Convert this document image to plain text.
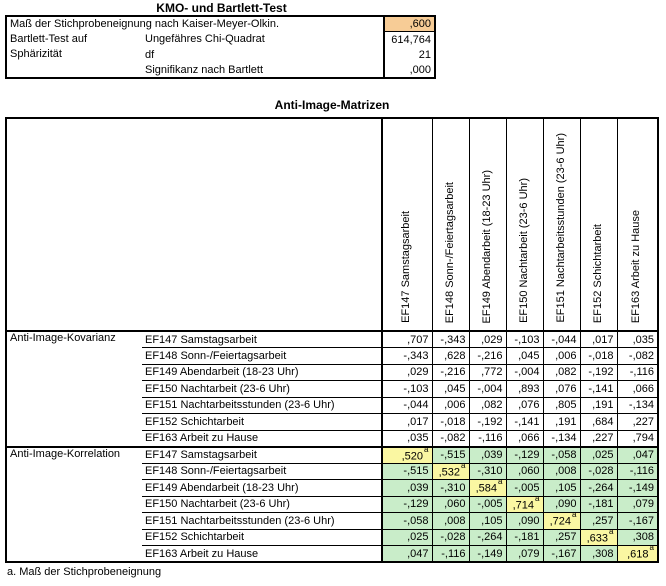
KMO- und Bartlett-Test
Maß der Stichprobeneignung nach Kaiser-Meyer-Olkin.		,600
Bartlett-Test auf Sphärizität	Ungefähres Chi-Quadrat	614,764
	df	21
	Signifikanz nach Bartlett	,000
Anti-Image-Matrizen
		EF147 Samstagsarbeit	EF148 Sonn-/Feiertagsarbeit	EF149 Abendarbeit (18-23 Uhr)	EF150 Nachtarbeit (23-6 Uhr)	EF151 Nachtarbeitsstunden (23-6 Uhr)	EF152 Schichtarbeit	EF163 Arbeit zu Hause
Anti-Image-Kovarianz	EF147 Samstagsarbeit	,707	-,343	,029	-,103	-,044	,017	,035
	EF148 Sonn-/Feiertagsarbeit	-,343	,628	-,216	,045	,006	-,018	-,082
	EF149 Abendarbeit (18-23 Uhr)	,029	-,216	,772	-,004	,082	-,192	-,116
	EF150 Nachtarbeit (23-6 Uhr)	-,103	,045	-,004	,893	,076	-,141	,066
	EF151 Nachtarbeitsstunden (23-6 Uhr)	-,044	,006	,082	,076	,805	,191	-,134
	EF152 Schichtarbeit	,017	-,018	-,192	-,141	,191	,684	,227
	EF163 Arbeit zu Hause	,035	-,082	-,116	,066	-,134	,227	,794
Anti-Image-Korrelation	EF147 Samstagsarbeit	,520$^a$	-,515	,039	-,129	-,058	,025	,047
	EF148 Sonn-/Feiertagsarbeit	-,515	,532$^a$	-,310	,060	,008	-,028	-,116
	EF149 Abendarbeit (18-23 Uhr)	,039	-,310	,584$^a$	-,005	,105	-,264	-,149
	EF150 Nachtarbeit (23-6 Uhr)	-,129	,060	-,005	,714$^a$	,090	-,181	,079
	EF151 Nachtarbeitsstunden (23-6 Uhr)	-,058	,008	,105	,090	,724$^a$	,257	-,167
	EF152 Schichtarbeit	,025	-,028	-,264	-,181	,257	,633$^a$	,308
	EF163 Arbeit zu Hause	,047	-,116	-,149	,079	-,167	,308	,618$^a$
a. Maß der Stichprobeneignung
